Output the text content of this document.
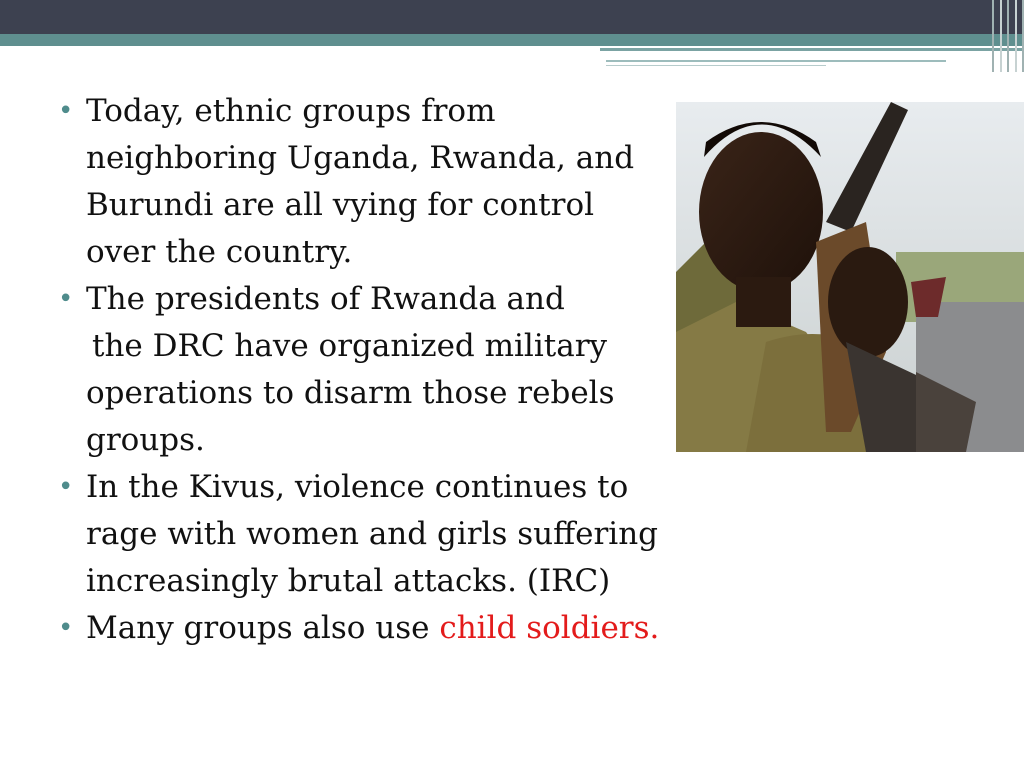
• Today, ethnic groups from
neighboring Uganda, Rwanda, and
Burundi are all vying for control
over the country.
• The presidents of Rwanda and
the DRC have organized military
operations to disarm those rebels
groups.
• In the Kivus, violence continues to
rage with women and girls suffering
increasingly brutal attacks. (IRC)
• Many groups also use child soldiers.
